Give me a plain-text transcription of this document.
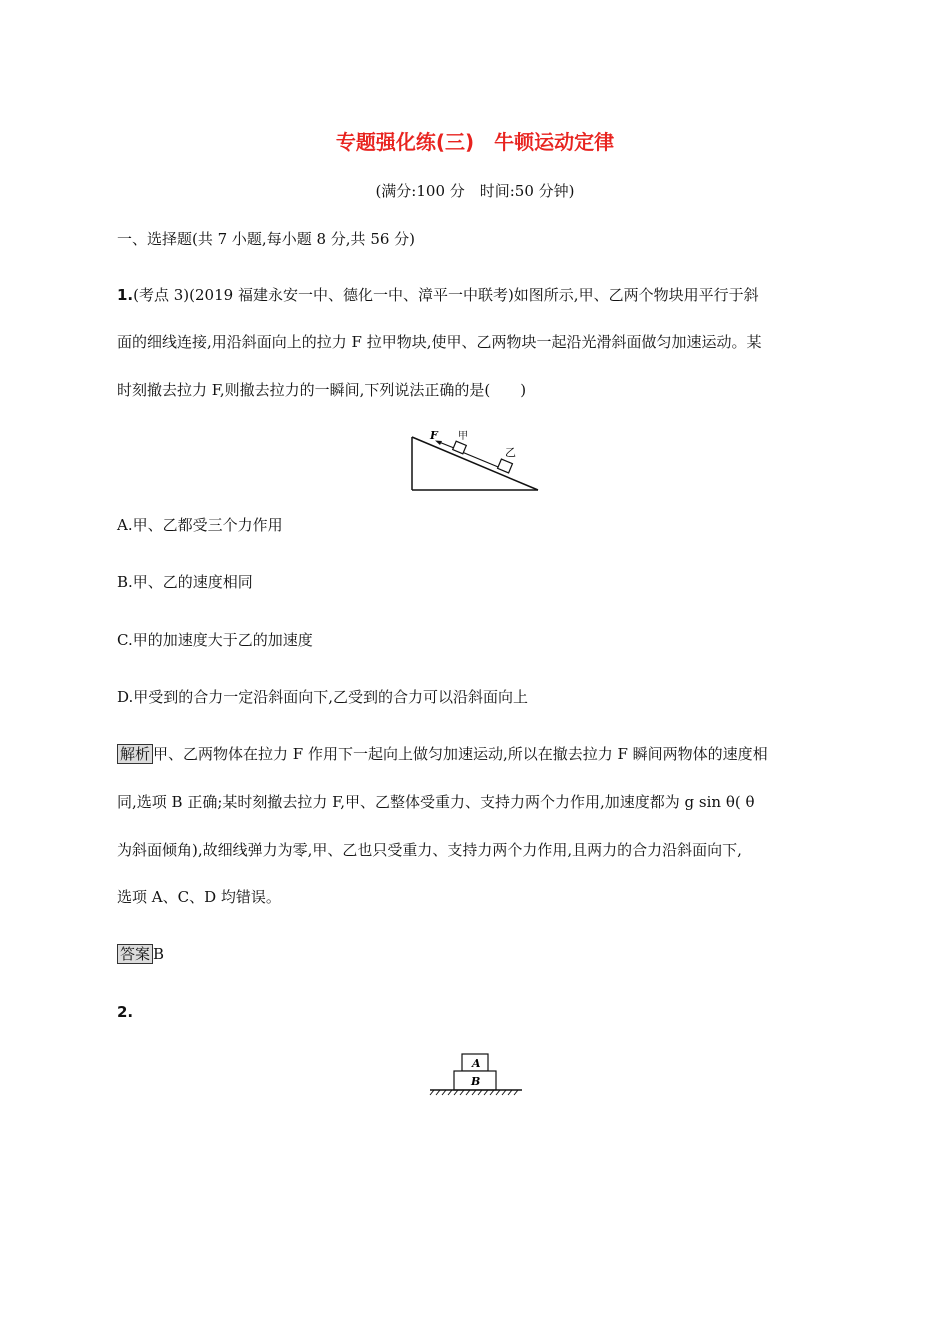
专题强化练(三)　牛顿运动定律
(满分:100 分　时间:50 分钟)
一、选择题(共 7 小题,每小题 8 分,共 56 分)
1.(考点 3)(2019 福建永安一中、德化一中、漳平一中联考)如图所示,甲、乙两个物块用平行于斜
面的细线连接,用沿斜面向上的拉力 F 拉甲物块,使甲、乙两物块一起沿光滑斜面做匀加速运动。某
时刻撤去拉力 F,则撤去拉力的一瞬间,下列说法正确的是(　　)
F 甲
乙
A.甲、乙都受三个力作用
B.甲、乙的速度相同
C.甲的加速度大于乙的加速度
D.甲受到的合力一定沿斜面向下,乙受到的合力可以沿斜面向上
解析 甲、乙两物体在拉力 F 作用下一起向上做匀加速运动,所以在撤去拉力 F 瞬间两物体的速度相
同,选项 B 正确;某时刻撤去拉力 F,甲、乙整体受重力、支持力两个力作用,加速度都为 g sin θ( θ
为斜面倾角),故细线弹力为零,甲、乙也只受重力、支持力两个力作用,且两力的合力沿斜面向下,
选项 A、C、D 均错误。
答案 B
2.
A
B
